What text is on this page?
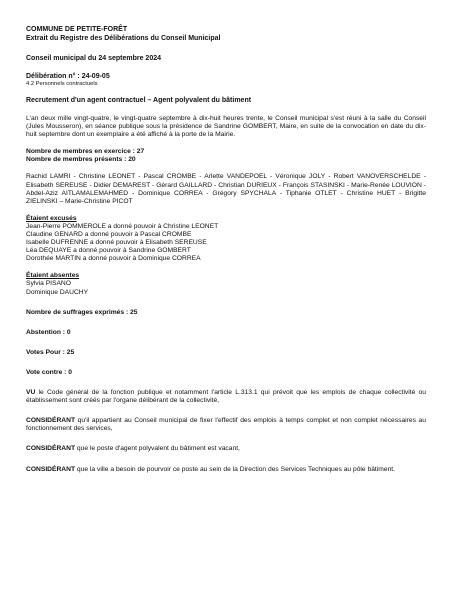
COMMUNE DE PETITE-FORÊT

Extrait du Registre des Délibérations du Conseil Municipal

Conseil municipal du 24 septembre 2024

Délibération n° : 24-09-05

4.2 Personnels contractuels

Recrutement d'un agent contractuel – Agent polyvalent du bâtiment

L'an deux mille vingt-quatre, le vingt-quatre septembre à dix-huit heures trente, le Conseil municipal s'est réuni à la salle du Conseil (Jules Mousseron), en séance publique sous la présidence de Sandrine GOMBERT, Maire, en suite de la convocation en date du dix-huit septembre dont un exemplaire a été affiché à la porte de la Mairie.

Nombre de membres en exercice : 27

Nombre de membres présents : 20

Rachid LAMRI - Christine LEONET - Pascal CROMBE - Arlette VANDEPOEL - Véronique JOLY - Robert VANOVERSCHELDE - Elisabeth SEREUSE - Didier DEMAREST - Gérard GAILLARD - Christian DURIEUX - François STASINSKI - Marie-Renée LOUVION - Abdel-Aziz AITLAMALEMAHMED - Dominique CORREA - Grégory SPYCHALA - Tiphanie OTLET - Christine HUET - Brigitte ZIELINSKI – Marie-Christine PICOT

Étaient excusés

Jean-Pierre POMMEROLE a donné pouvoir à Christine LEONET
Claudine GENARD a donné pouvoir à Pascal CROMBE
Isabelle DUFRENNE a donné pouvoir à Elisabeth SEREUSE
Léa DEQUAYE a donné pouvoir à Sandrine GOMBERT
Dorothée MARTIN a donné pouvoir à Dominique CORREA

Étaient absentes

Sylvia PISANO
Dominique DAUCHY

Nombre de suffrages exprimés : 25

Abstention : 0

Votes Pour : 25

Vote contre : 0

VU le Code général de la fonction publique et notamment l'article L.313.1 qui prévoit que les emplois de chaque collectivité ou établissement sont créés par l'organe délibérant de la collectivité,

CONSIDÉRANT qu'il appartient au Conseil municipal de fixer l'effectif des emplois à temps complet et non complet nécessaires au fonctionnement des services,

CONSIDÉRANT que le poste d'agent polyvalent du bâtiment est vacant,

CONSIDÉRANT que la ville a besoin de pourvoir ce poste au sein de la Direction des Services Techniques au pôle bâtiment.
